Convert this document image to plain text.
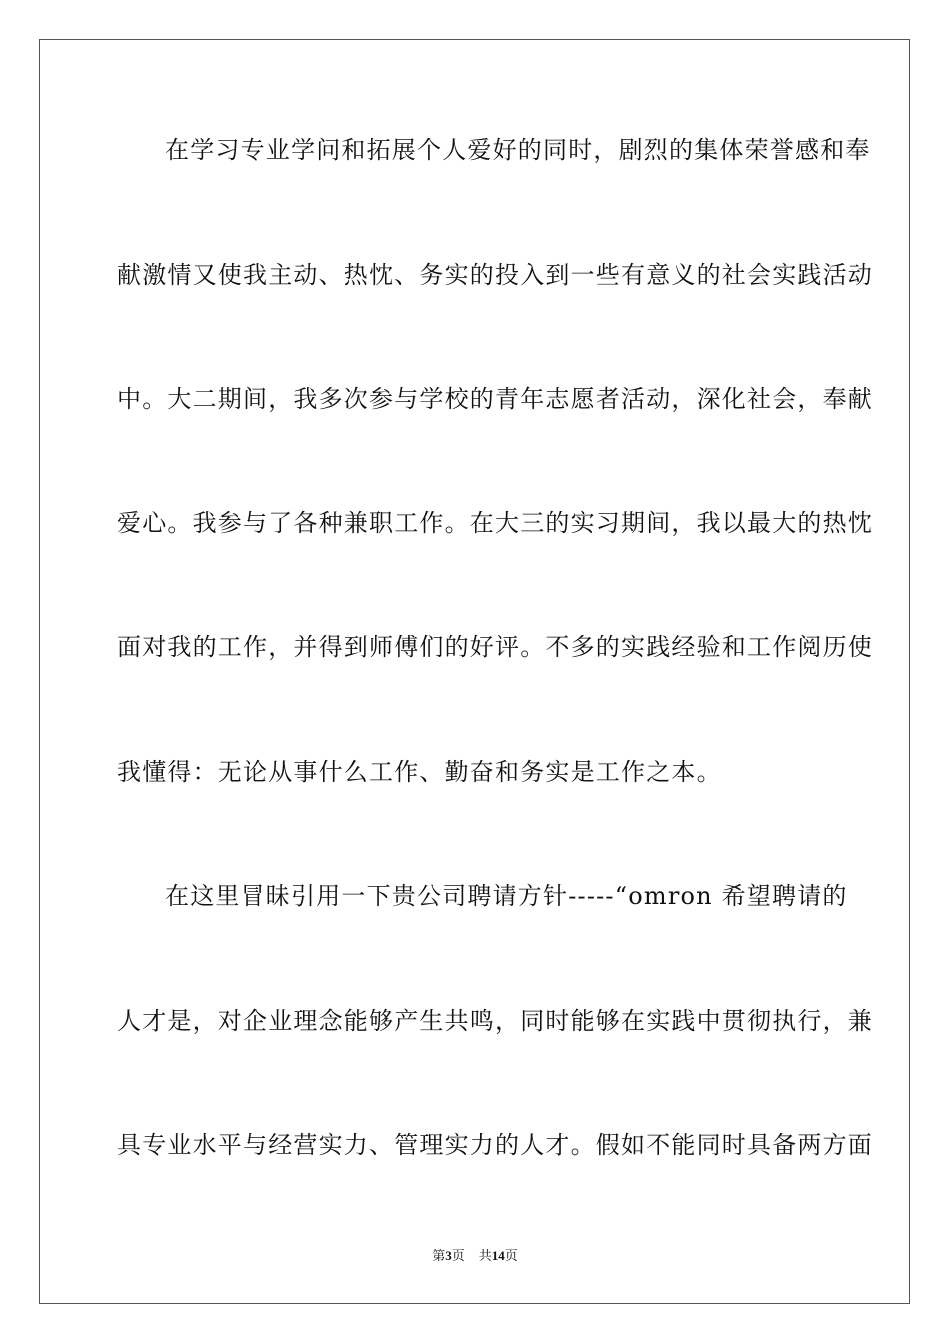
在学习专业学问和拓展个人爱好的同时，剧烈的集体荣誉感和奉
献激情又使我主动、热忱、务实的投入到一些有意义的社会实践活动
中。大二期间，我多次参与学校的青年志愿者活动，深化社会，奉献
爱心。我参与了各种兼职工作。在大三的实习期间，我以最大的热忱
面对我的工作，并得到师傅们的好评。不多的实践经验和工作阅历使
我懂得：无论从事什么工作、勤奋和务实是工作之本。
在这里冒昧引用一下贵公司聘请方针-----“omron 希望聘请的
人才是，对企业理念能够产生共鸣，同时能够在实践中贯彻执行，兼
具专业水平与经营实力、管理实力的人才。假如不能同时具备两方面
第3页 共14页
